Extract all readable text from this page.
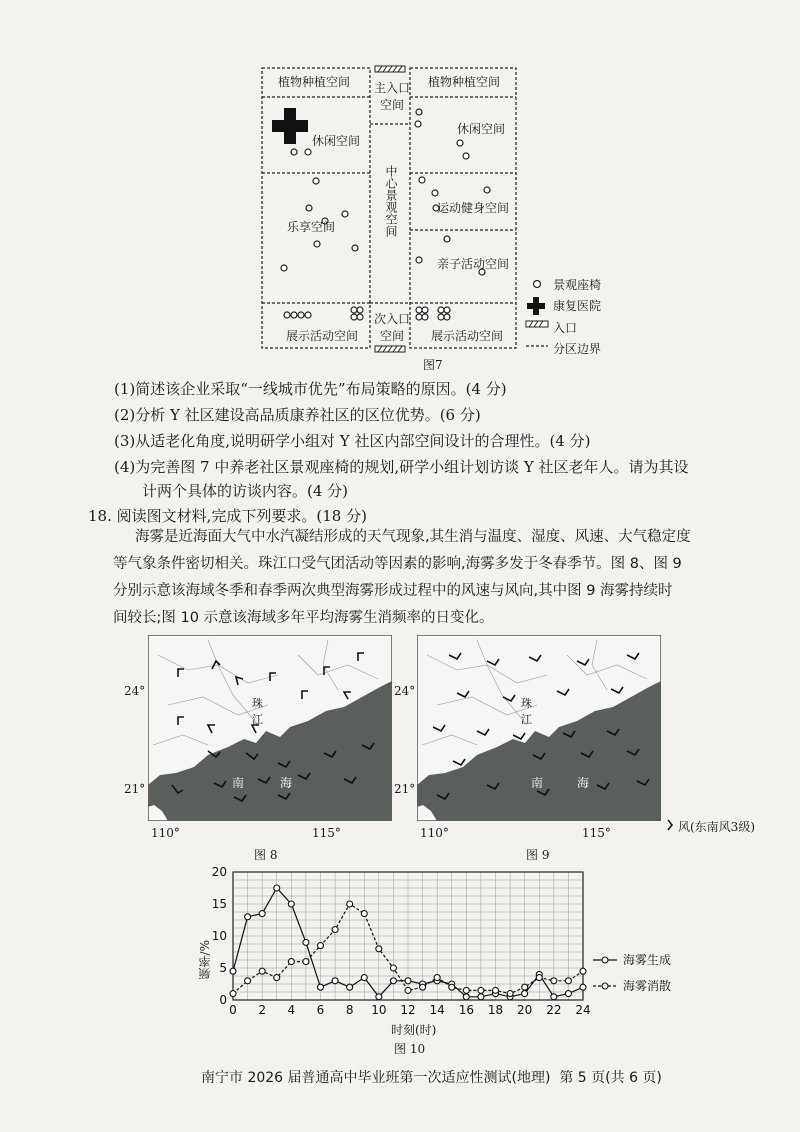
植物种植空间	植物种植空间
主入口
空间
休闲空间
休闲空间
中心景观空间
乐享空间
运动健身空间
亲子活动空间
展示活动空间	展示活动空间
次入口
空间
景观座椅
康复医院
入口
分区边界
图7
(1)简述该企业采取“一线城市优先”布局策略的原因。(4 分)
(2)分析 Y 社区建设高品质康养社区的区位优势。(6 分)
(3)从适老化角度,说明研学小组对 Y 社区内部空间设计的合理性。(4 分)
(4)为完善图 7 中养老社区景观座椅的规划,研学小组计划访谈 Y 社区老年人。请为其设
计两个具体的访谈内容。(4 分)
18. 阅读图文材料,完成下列要求。(18 分)
海雾是近海面大气中水汽凝结形成的天气现象,其生消与温度、湿度、风速、大气稳定度
等气象条件密切相关。珠江口受气团活动等因素的影响,海雾多发于冬春季节。图 8、图 9
分别示意该海域冬季和春季两次典型海雾形成过程中的风速与风向,其中图 9 海雾持续时
间较长;图 10 示意该海域多年平均海雾生消频率的日变化。
珠
江
南	海
珠
江
南	海
24°
21°
110°	115°
24°
21°
110°	115°	风(东南风3级)
图 8	图 9
0 2 4 6 8 10 12 14 16 18 20 22 24
0
5
10
15
20
海雾生成
海雾消散
频率/%
时刻(时)
图 10
南宁市 2026 届普通高中毕业班第一次适应性测试(地理)  第 5 页(共 6 页)
